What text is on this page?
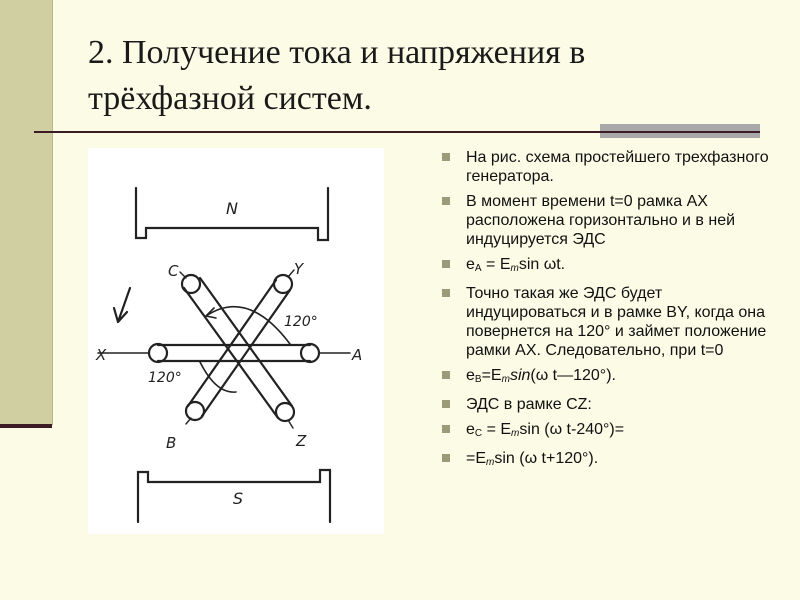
2. Получение тока и напряжения в
трёхфазной систем.
N
S
C	Y
X	A
B	Z
120°
120°
На рис. схема простейшего трехфазного генератора.
В момент времени t=0 рамка АХ расположена горизонтально и в ней индуцируется ЭДС
$e_A = E_m\sin$ ωt.
Точно такая же ЭДС будет индуцироваться и в рамке BY, когда она повернется на 120° и займет положение рамки АХ. Следовательно, при t=0
$e_B=E_m\sin(\omega$ t—120°).
ЭДС в рамке CZ:
$e_C = E_m\sin$ (ω t-240°)=
$=E_m\sin$ (ω t+120°).
